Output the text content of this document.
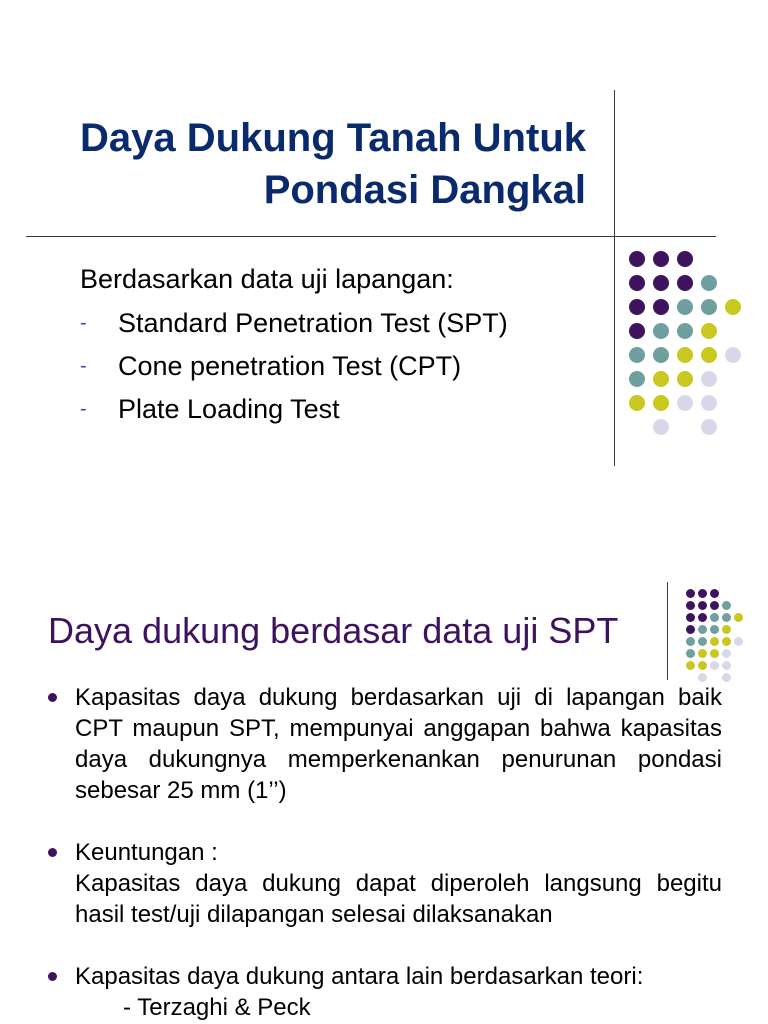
Daya Dukung Tanah Untuk
Pondasi Dangkal
Berdasarkan data uji lapangan:
- Standard Penetration Test (SPT)
- Cone penetration Test (CPT)
- Plate Loading Test
Daya dukung berdasar data uji SPT
Kapasitas daya dukung berdasarkan uji di lapangan baik CPT maupun SPT, mempunyai anggapan bahwa kapasitas daya dukungnya memperkenankan penurunan pondasi sebesar 25 mm (1’’)
Keuntungan :
Kapasitas daya dukung dapat diperoleh langsung begitu hasil test/uji dilapangan selesai dilaksanakan
Kapasitas daya dukung antara lain berdasarkan teori:
- Terzaghi & Peck
